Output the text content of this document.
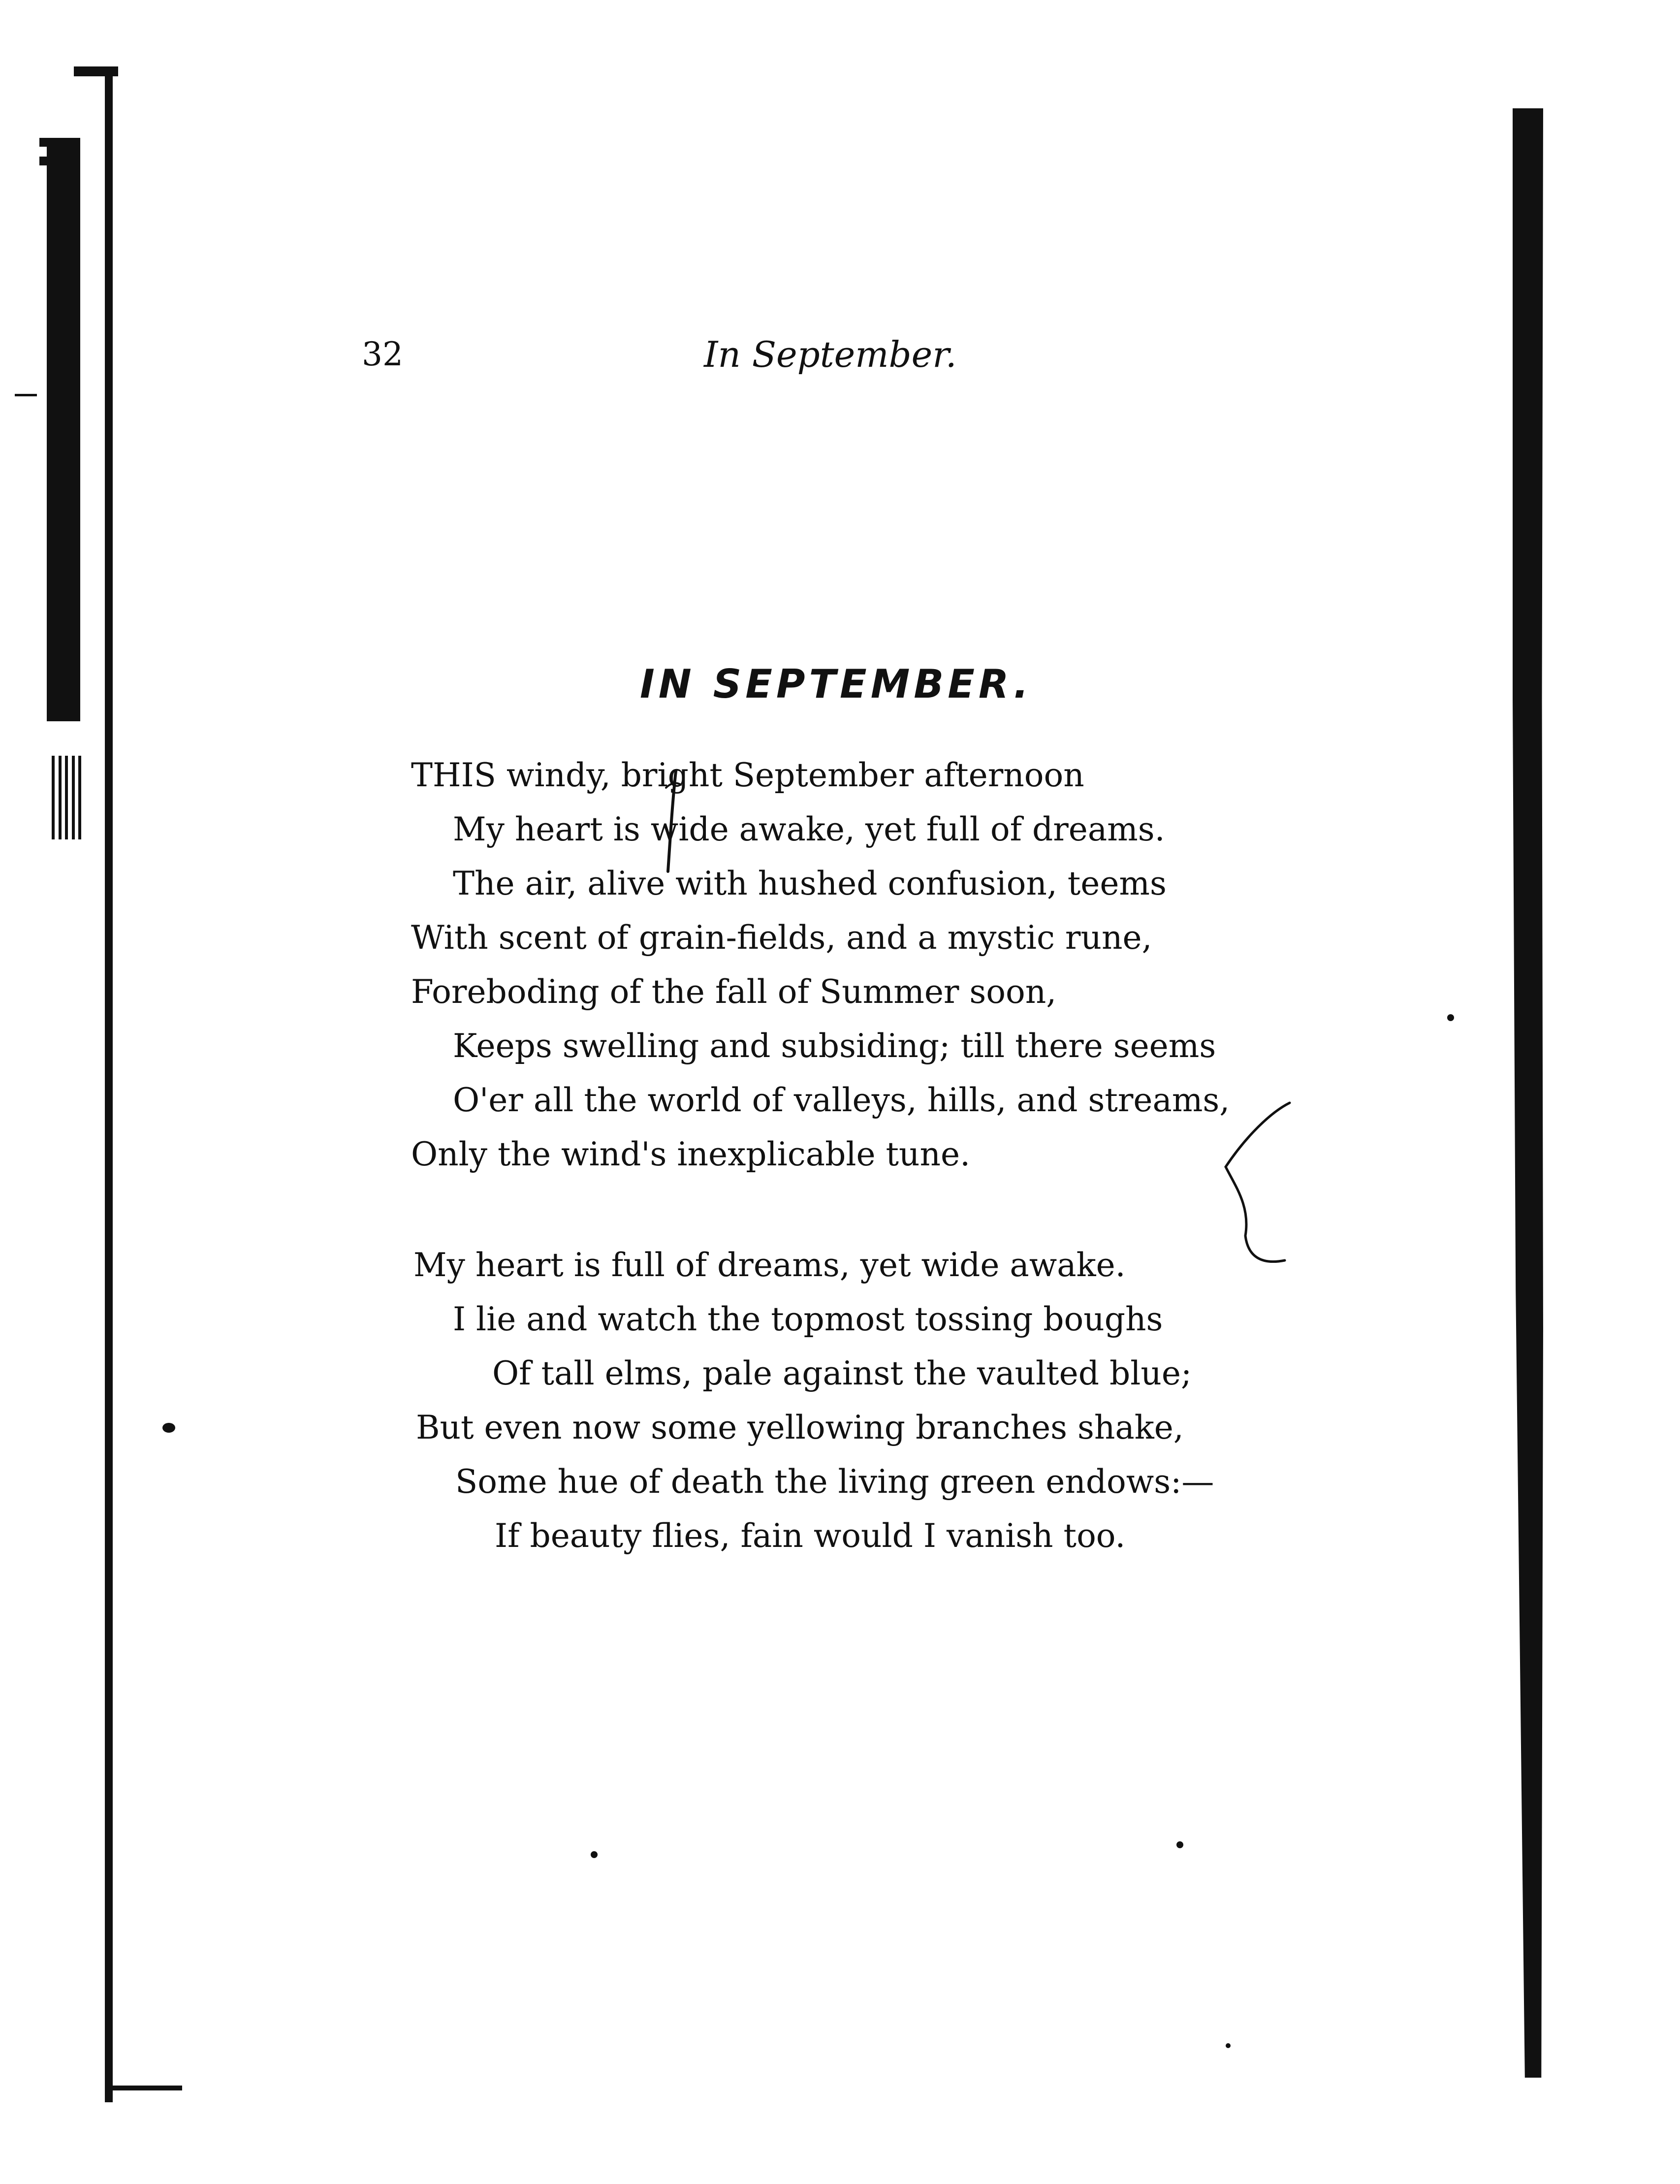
32	In September.

IN SEPTEMBER.

THIS windy, bright September afternoon

My heart is wide awake, yet full of dreams.

The air, alive with hushed confusion, teems

With scent of grain-fields, and a mystic rune,

Foreboding of the fall of Summer soon,

Keeps swelling and subsiding; till there seems

O'er all the world of valleys, hills, and streams,

Only the wind's inexplicable tune.

My heart is full of dreams, yet wide awake.

I lie and watch the topmost tossing boughs

Of tall elms, pale against the vaulted blue;

But even now some yellowing branches shake,

Some hue of death the living green endows:—

If beauty flies, fain would I vanish too.
